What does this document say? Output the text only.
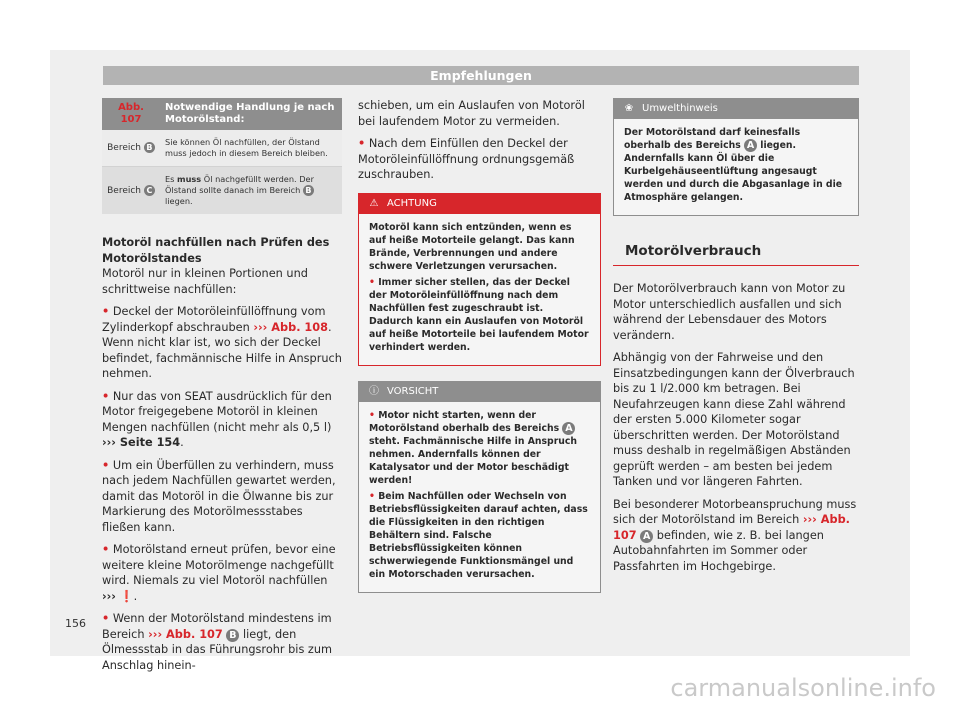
Empfehlungen
Abb. 107	Notwendige Handlung je nach Motorölstand:
Bereich B	Sie können Öl nachfüllen, der Ölstand muss jedoch in diesem Bereich bleiben.
Bereich C	Es muss Öl nachgefüllt werden. Der Ölstand sollte danach im Bereich B liegen.
Motoröl nachfüllen nach Prüfen des Motorölstandes

Motoröl nur in kleinen Portionen und schrittweise nachfüllen:

• Deckel der Motoröleinfüllöffnung vom Zylinderkopf abschrauben ››› Abb. 108. Wenn nicht klar ist, wo sich der Deckel befindet, fachmännische Hilfe in Anspruch nehmen.

• Nur das von SEAT ausdrücklich für den Motor freigegebene Motoröl in kleinen Mengen nachfüllen (nicht mehr als 0,5 l) ››› Seite 154.

• Um ein Überfüllen zu verhindern, muss nach jedem Nachfüllen gewartet werden, damit das Motoröl in die Ölwanne bis zur Markierung des Motorölmessstabes fließen kann.

• Motorölstand erneut prüfen, bevor eine weitere kleine Motorölmenge nachgefüllt wird. Niemals zu viel Motoröl nachfüllen ››› ❗.

• Wenn der Motorölstand mindestens im Bereich ››› Abb. 107 B liegt, den Ölmessstab in das Führungsrohr bis zum Anschlag hinein-

schieben, um ein Auslaufen von Motoröl bei laufendem Motor zu vermeiden.

• Nach dem Einfüllen den Deckel der Motoröleinfüllöffnung ordnungsgemäß zuschrauben.

⚠ ACHTUNG

Motoröl kann sich entzünden, wenn es auf heiße Motorteile gelangt. Das kann Brände, Verbrennungen und andere schwere Verletzungen verursachen.

• Immer sicher stellen, das der Deckel der Motoröleinfüllöffnung nach dem Nachfüllen fest zugeschraubt ist. Dadurch kann ein Auslaufen von Motoröl auf heiße Motorteile bei laufendem Motor verhindert werden.

ⓘ VORSICHT

• Motor nicht starten, wenn der Motorölstand oberhalb des Bereichs A steht. Fachmännische Hilfe in Anspruch nehmen. Andernfalls können der Katalysator und der Motor beschädigt werden!

• Beim Nachfüllen oder Wechseln von Betriebsflüssigkeiten darauf achten, dass die Flüssigkeiten in den richtigen Behältern sind. Falsche Betriebsflüssigkeiten können schwerwiegende Funktionsmängel und ein Motorschaden verursachen.

❀ Umwelthinweis

Der Motorölstand darf keinesfalls oberhalb des Bereichs A liegen. Andernfalls kann Öl über die Kurbelgehäuseentlüftung angesaugt werden und durch die Abgasanlage in die Atmosphäre gelangen.

Motorölverbrauch

Der Motorölverbrauch kann von Motor zu Motor unterschiedlich ausfallen und sich während der Lebensdauer des Motors verändern.

Abhängig von der Fahrweise und den Einsatzbedingungen kann der Ölverbrauch bis zu 1 l/2.000 km betragen. Bei Neufahrzeugen kann diese Zahl während der ersten 5.000 Kilometer sogar überschritten werden. Der Motorölstand muss deshalb in regelmäßigen Abständen geprüft werden – am besten bei jedem Tanken und vor längeren Fahrten.

Bei besonderer Motorbeanspruchung muss sich der Motorölstand im Bereich ››› Abb. 107 A befinden, wie z. B. bei langen Autobahnfahrten im Sommer oder Passfahrten im Hochgebirge.

156
carmanualsonline.info
